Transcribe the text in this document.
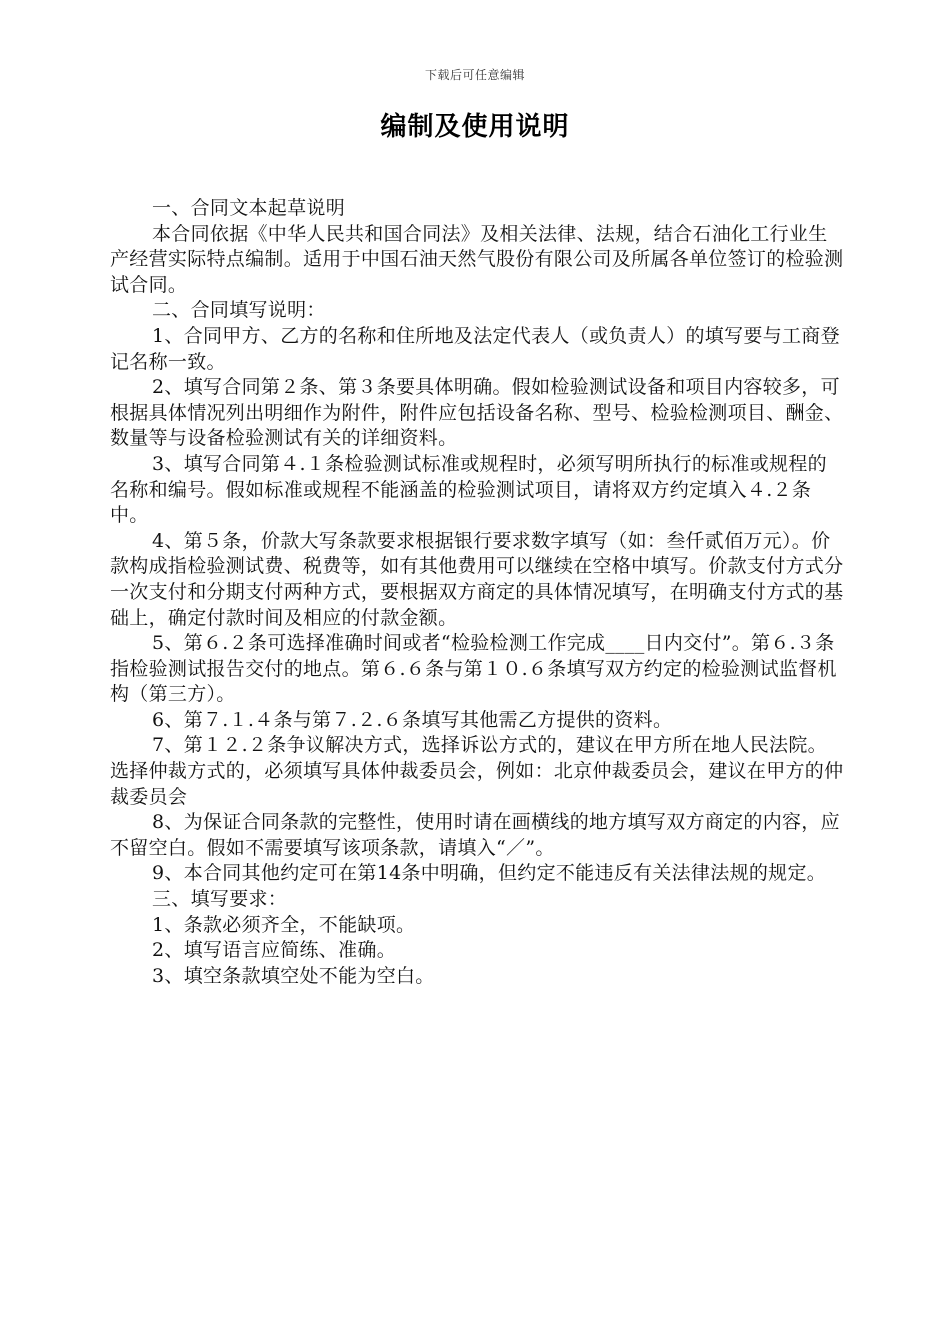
下载后可任意编辑
编制及使用说明

一、合同文本起草说明

本合同依据《中华人民共和国合同法》及相关法律、法规，结合石油化工行业生产经营实际特点编制。适用于中国石油天然气股份有限公司及所属各单位签订的检验测试合同。

二、合同填写说明：

1、合同甲方、乙方的名称和住所地及法定代表人（或负责人）的填写要与工商登记名称一致。

2、填写合同第２条、第３条要具体明确。假如检验测试设备和项目内容较多，可根据具体情况列出明细作为附件，附件应包括设备名称、型号、检验检测项目、酬金、数量等与设备检验测试有关的详细资料。

3、填写合同第４.１条检验测试标准或规程时，必须写明所执行的标准或规程的名称和编号。假如标准或规程不能涵盖的检验测试项目，请将双方约定填入４.２条中。

4、第５条，价款大写条款要求根据银行要求数字填写（如：叁仟贰佰万元）。价款构成指检验测试费、税费等，如有其他费用可以继续在空格中填写。价款支付方式分一次支付和分期支付两种方式，要根据双方商定的具体情况填写，在明确支付方式的基础上，确定付款时间及相应的付款金额。

5、第６.２条可选择准确时间或者“检验检测工作完成____日内交付”。第６.３条指检验测试报告交付的地点。第６.６条与第１０.６条填写双方约定的检验测试监督机构（第三方）。

6、第７.１.４条与第７.２.６条填写其他需乙方提供的资料。

7、第１２.２条争议解决方式，选择诉讼方式的，建议在甲方所在地人民法院。选择仲裁方式的，必须填写具体仲裁委员会，例如：北京仲裁委员会，建议在甲方的仲裁委员会

8、为保证合同条款的完整性，使用时请在画横线的地方填写双方商定的内容，应不留空白。假如不需要填写该项条款，请填入“／”。

9、本合同其他约定可在第14条中明确，但约定不能违反有关法律法规的规定。

三、填写要求：

1、条款必须齐全，不能缺项。

2、填写语言应简练、准确。

3、填空条款填空处不能为空白。
